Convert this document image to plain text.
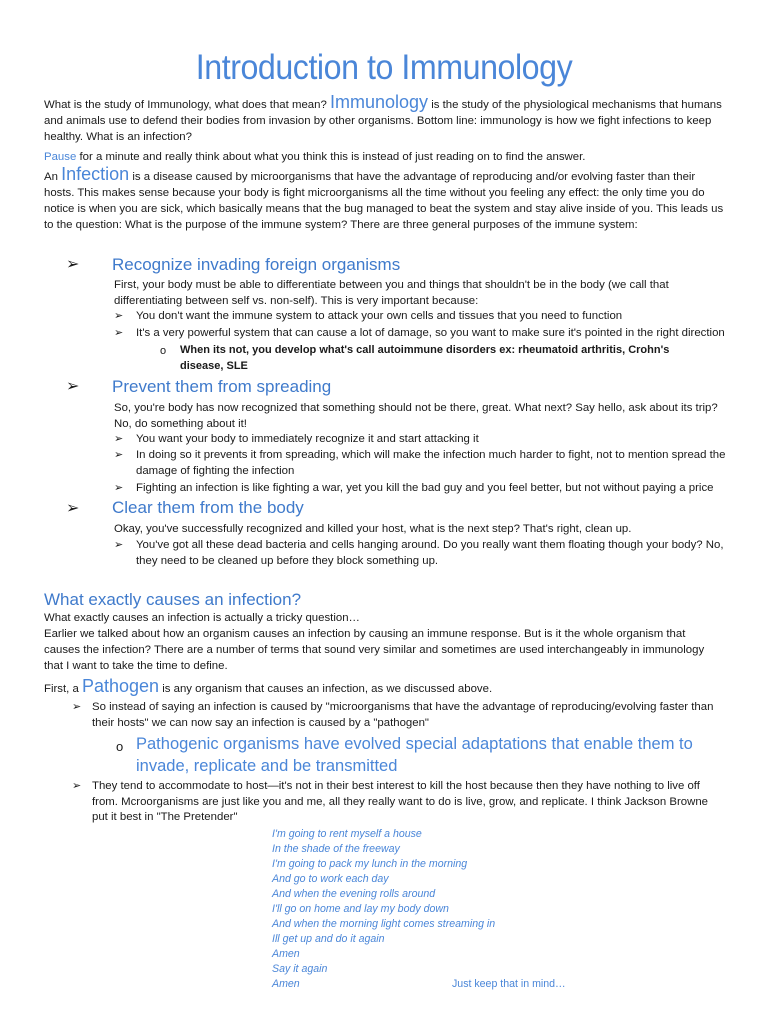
Introduction to Immunology
What is the study of Immunology, what does that mean? Immunology is the study of the physiological mechanisms that humans and animals use to defend their bodies from invasion by other organisms. Bottom line: immunology is how we fight infections to keep healthy. What is an infection?
Pause for a minute and really think about what you think this is instead of just reading on to find the answer.
An Infection is a disease caused by microorganisms that have the advantage of reproducing and/or evolving faster than their hosts. This makes sense because your body is fight microorganisms all the time without you feeling any effect: the only time you do notice is when you are sick, which basically means that the bug managed to beat the system and stay alive inside of you. This leads us to the question: What is the purpose of the immune system? There are three general purposes of the immune system:
➢ Recognize invading foreign organisms
First, your body must be able to differentiate between you and things that shouldn't be in the body (we call that differentiating between self vs. non-self). This is very important because:
➢ You don't want the immune system to attack your own cells and tissues that you need to function
➢ It's a very powerful system that can cause a lot of damage, so you want to make sure it's pointed in the right direction
o When its not, you develop what's call autoimmune disorders ex: rheumatoid arthritis, Crohn's disease, SLE
➢ Prevent them from spreading
So, you're body has now recognized that something should not be there, great. What next? Say hello, ask about its trip? No, do something about it!
➢ You want your body to immediately recognize it and start attacking it
➢ In doing so it prevents it from spreading, which will make the infection much harder to fight, not to mention spread the damage of fighting the infection
➢ Fighting an infection is like fighting a war, yet you kill the bad guy and you feel better, but not without paying a price
➢ Clear them from the body
Okay, you've successfully recognized and killed your host, what is the next step? That's right, clean up.
➢ You've got all these dead bacteria and cells hanging around. Do you really want them floating though your body? No, they need to be cleaned up before they block something up.
What exactly causes an infection?
What exactly causes an infection is actually a tricky question…
Earlier we talked about how an organism causes an infection by causing an immune response. But is it the whole organism that causes the infection? There are a number of terms that sound very similar and sometimes are used interchangeably in immunology that I want to take the time to define.
First, a Pathogen is any organism that causes an infection, as we discussed above.
➢ So instead of saying an infection is caused by "microorganisms that have the advantage of reproducing/evolving faster than their hosts" we can now say an infection is caused by a "pathogen"
o Pathogenic organisms have evolved special adaptations that enable them to invade, replicate and be transmitted
➢ They tend to accommodate to host—it's not in their best interest to kill the host because then they have nothing to live off from. Mcroorganisms are just like you and me, all they really want to do is live, grow, and replicate. I think Jackson Browne put it best in "The Pretender"
I'm going to rent myself a house
In the shade of the freeway
I'm going to pack my lunch in the morning
And go to work each day
And when the evening rolls around
I'll go on home and lay my body down
And when the morning light comes streaming in
Ill get up and do it again
Amen
Say it again
Amen	Just keep that in mind…
